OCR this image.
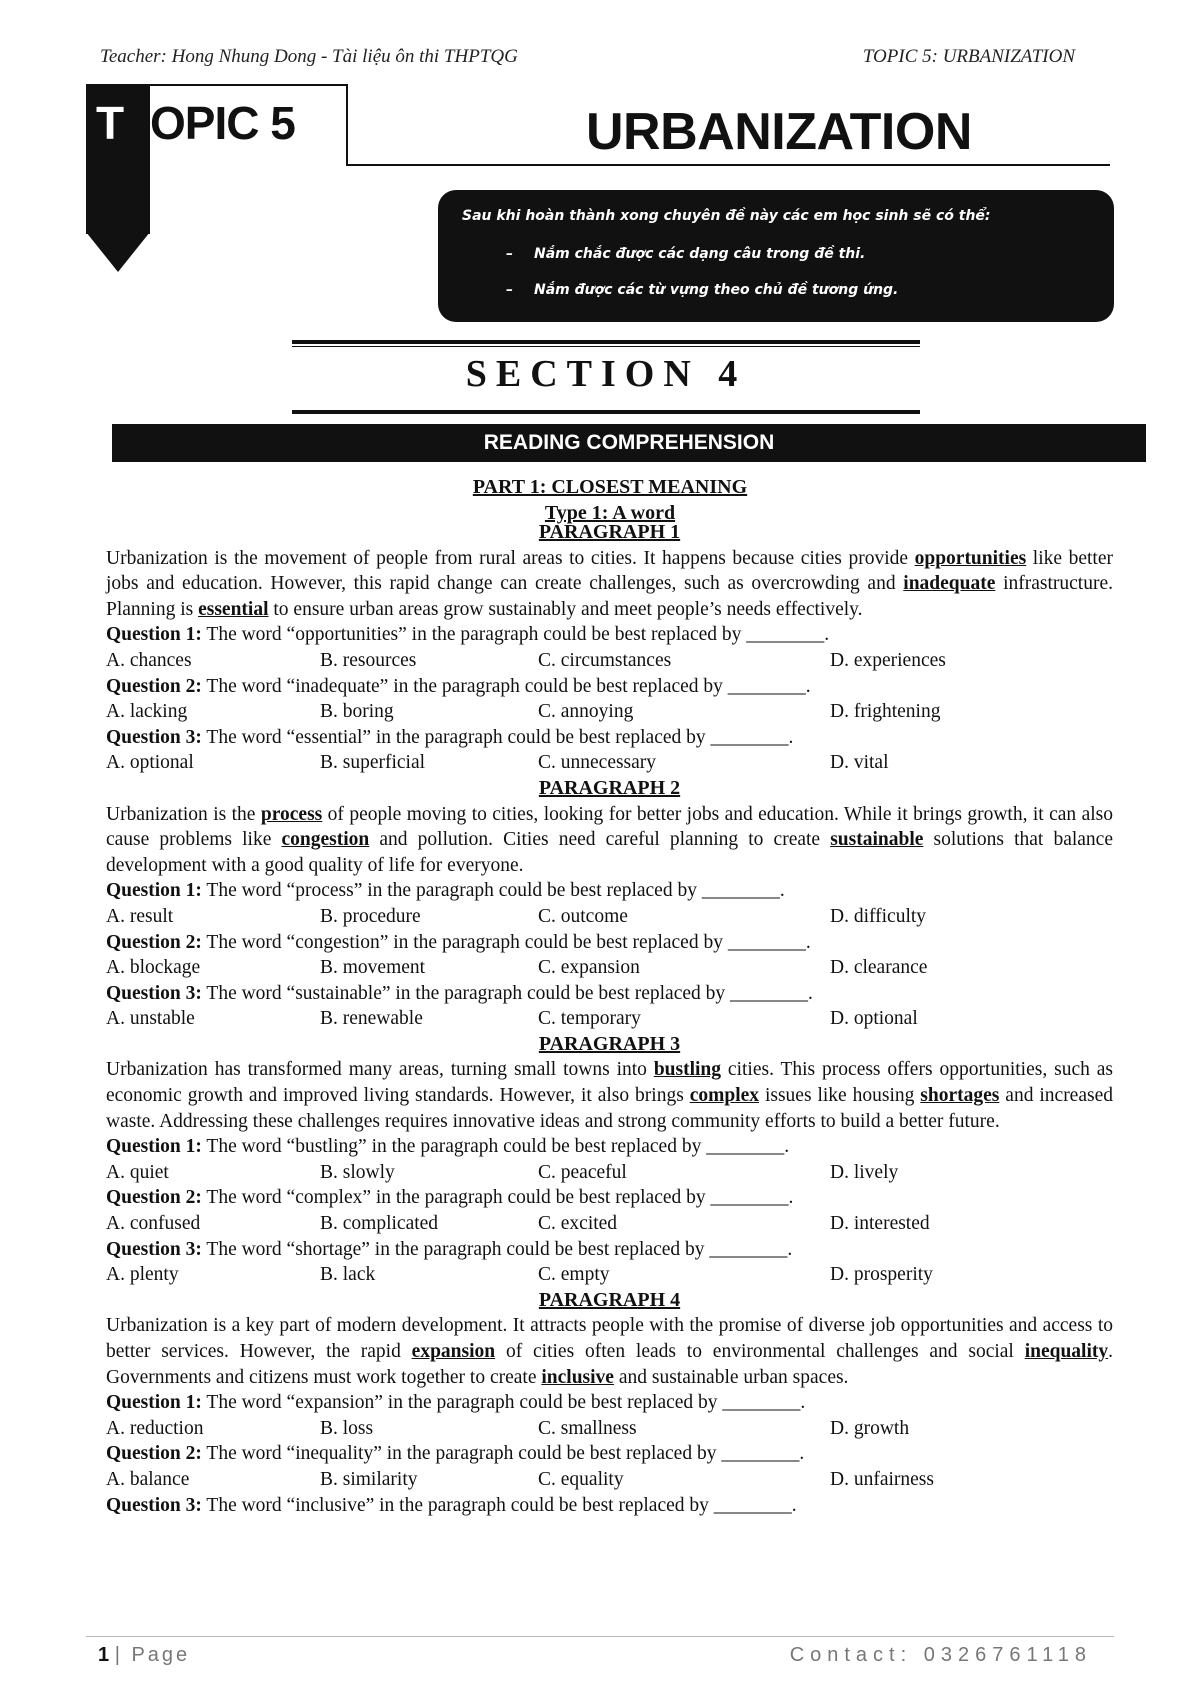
Teacher: Hong Nhung Dong - Tài liệu ôn thi THPTQG	TOPIC 5: URBANIZATION
T OPIC 5	URBANIZATION
Sau khi hoàn thành xong chuyên đề này các em học sinh sẽ có thể:
– Nắm chắc được các dạng câu trong đề thi.
– Nắm được các từ vựng theo chủ đề tương ứng.
SECTION 4
READING COMPREHENSION
PART 1: CLOSEST MEANING
Type 1: A word
PARAGRAPH 1

Urbanization is the movement of people from rural areas to cities. It happens because cities provide opportunities like better jobs and education. However, this rapid change can create challenges, such as overcrowding and inadequate infrastructure. Planning is essential to ensure urban areas grow sustainably and meet people’s needs effectively.

Question 1: The word “opportunities” in the paragraph could be best replaced by ________.

A. chances	B. resources	C. circumstances	D. experiences

Question 2: The word “inadequate” in the paragraph could be best replaced by ________.

A. lacking	B. boring	C. annoying	D. frightening

Question 3: The word “essential” in the paragraph could be best replaced by ________.

A. optional	B. superficial	C. unnecessary	D. vital
PARAGRAPH 2

Urbanization is the process of people moving to cities, looking for better jobs and education. While it brings growth, it can also cause problems like congestion and pollution. Cities need careful planning to create sustainable solutions that balance development with a good quality of life for everyone.

Question 1: The word “process” in the paragraph could be best replaced by ________.

A. result	B. procedure	C. outcome	D. difficulty

Question 2: The word “congestion” in the paragraph could be best replaced by ________.

A. blockage	B. movement	C. expansion	D. clearance

Question 3: The word “sustainable” in the paragraph could be best replaced by ________.

A. unstable	B. renewable	C. temporary	D. optional
PARAGRAPH 3

Urbanization has transformed many areas, turning small towns into bustling cities. This process offers opportunities, such as economic growth and improved living standards. However, it also brings complex issues like housing shortages and increased waste. Addressing these challenges requires innovative ideas and strong community efforts to build a better future.

Question 1: The word “bustling” in the paragraph could be best replaced by ________.

A. quiet	B. slowly	C. peaceful	D. lively

Question 2: The word “complex” in the paragraph could be best replaced by ________.

A. confused	B. complicated	C. excited	D. interested

Question 3: The word “shortage” in the paragraph could be best replaced by ________.

A. plenty	B. lack	C. empty	D. prosperity
PARAGRAPH 4

Urbanization is a key part of modern development. It attracts people with the promise of diverse job opportunities and access to better services. However, the rapid expansion of cities often leads to environmental challenges and social inequality. Governments and citizens must work together to create inclusive and sustainable urban spaces.

Question 1: The word “expansion” in the paragraph could be best replaced by ________.

A. reduction	B. loss	C. smallness	D. growth

Question 2: The word “inequality” in the paragraph could be best replaced by ________.

A. balance	B. similarity	C. equality	D. unfairness

Question 3: The word “inclusive” in the paragraph could be best replaced by ________.

1 | Page	Contact: 0326761118
